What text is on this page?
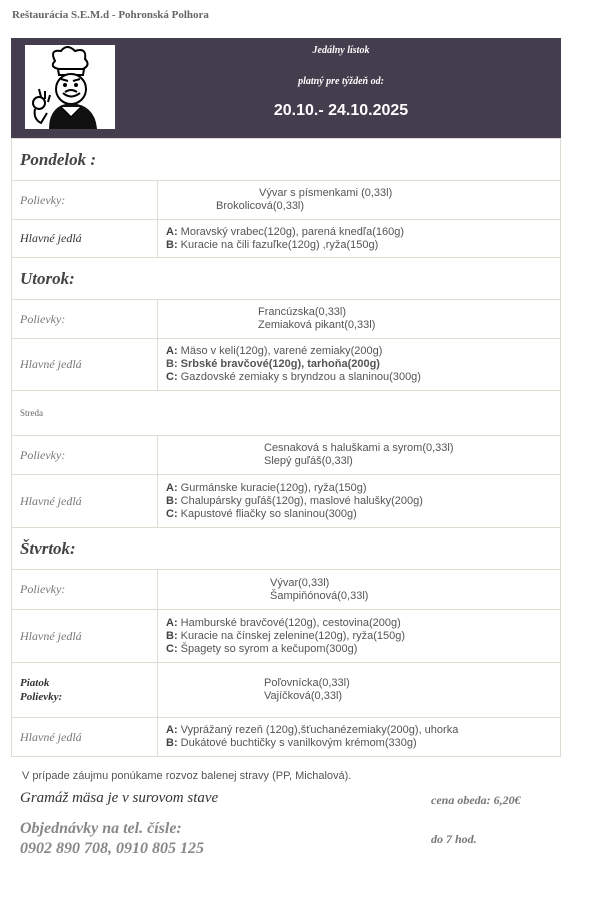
Reštaurácia S.E.M.d - Pohronská Polhora
Jedálny lístok
platný pre týždeň od:
20.10.- 24.10.2025
Pondelok :	
Polievky:	Vývar s písmenkami (0,33l)
Brokolicová(0,33l)

Hlavné jedlá	A: Moravský vrabec(120g), parená knedľa(160g)
B: Kuracie na čili fazuľke(120g) ,ryža(150g)

Utorok:	
Polievky:	Francúzska(0,33l)
Zemiaková pikant(0,33l)

Hlavné jedlá	A: Mäso v keli(120g), varené zemiaky(200g)
B: Srbské bravčové(120g), tarhoňa(200g)
C: Gazdovské zemiaky s bryndzou a slaninou(300g)

Streda	
Polievky:	Cesnaková s haluškami a syrom(0,33l)
Slepý guľáš(0,33l)

Hlavné jedlá	A: Gurmánske kuracie(120g), ryža(150g)
B: Chalupársky guľáš(120g), maslové halušky(200g)
C: Kapustové fliačky so slaninou(300g)

Štvrtok:	
Polievky:	Vývar(0,33l)
Šampiňónová(0,33l)

Hlavné jedlá	A: Hamburské bravčové(120g), cestovina(200g)
B: Kuracie na čínskej zelenine(120g), ryža(150g)
C: Špagety so syrom a kečupom(300g)

Piatok
Polievky:	Poľovnícka(0,33l)
Vajíčková(0,33l)

Hlavné jedlá	A: Vyprážaný rezeň (120g),šťuchanézemiaky(200g), uhorka
B: Dukátové buchtičky s vanilkovým krémom(330g)
V prípade záujmu ponúkame rozvoz balenej stravy (PP, Michalová).
Gramáž mäsa je v surovom stave	cena obeda: 6,20€
Objednávky na tel. čísle:
0902 890 708, 0910 805 125
do 7 hod.
